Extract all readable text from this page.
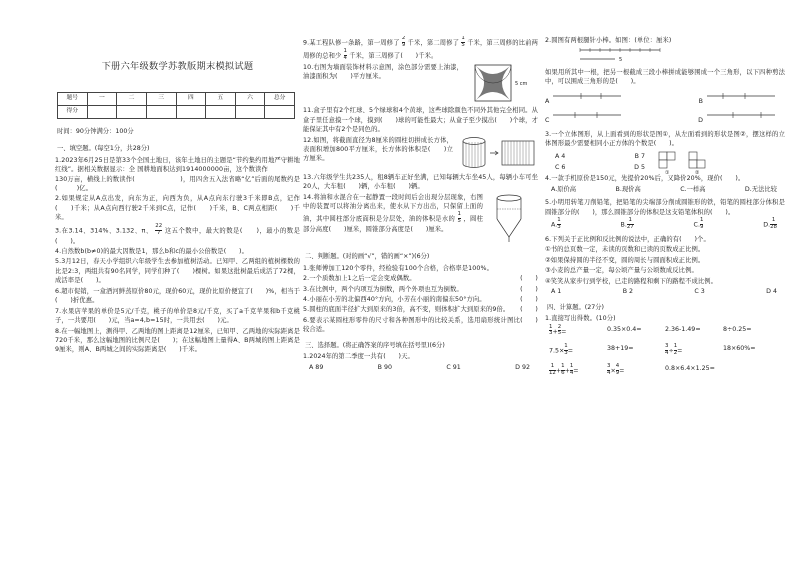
下册六年级数学苏教版期末模拟试题
题号	一	二	三	四	五	六	总分
得分							
时间：90分钟满分：100分
一、填空题。(每空1分，共28分)
1.2023年6月25日是第33个全国土地日，该年土地日的主题是“节约集约用地严守耕地红线”。据相关数据显示：全 国耕地面积达到1914000000亩，这个数读作
130万亩，横线上的数读作(　　　　　　　)，用四舍五入法省略“亿”后面的尾数约是(　　　)亿。
2.如果规定从A点出发，向东为正，向西为负，从A点向东行驶3千米即B点，记作(　　)千米；从A点向西行驶2千米到C点，记作(　　)千米，B、C两点相距(　　)千米。
3.在3.14、314%、3.132、π、 $\frac{22}{7}$ 这五个数中，最大的数是(　　)，最小的数是(　　)。
4.自然数b(b≠0)的最大因数是1，那么b和c的最小公倍数是(　　)。
5.3月12日，春天小学组织六年级学生去参加植树活动。已知甲、乙两组的植树棵数的比是2:3，两组共有90名同学，同学们种了(　　)棵树。如果这批树最后成活了72棵，成活率是(　　)。
6.超市促销，一盒酒河鲜蒸原价80元，现价60元，现价比原价便宜了(　　)%，相当于(　　)折优惠。
7.水果店苹果的单价是5元/千克，桃子的单价是8元/千克，买了a千克苹果和b千克桃子，一共要用(　　)元，当a=4,b=15时，一共用去(　　)元。
8.在一幅地图上，测得甲、乙两地的图上距离是12厘米，已知甲、乙两地的实际距离是720千米，那么这幅地图的比例尺是(　　)；在这幅地图上量得A、B两城的图上距离是9厘米，则A、B两城之间的实际距离是(　　)千米。
9.某工程队修一条路，第一周修了 $\frac{2}{9}$ 千米，第二周修了 $\frac{1}{5}$ 千米，第三周修的比前两周修的总和少 $\frac{1}{4}$ 千米，第三周修了(　　)千米。
10.右图为墙面装饰材料示意图，涂色部分需要上油漆，油漆面积为(　　)平方厘米。
5 cm
11.盒子里有2个红球、5个绿球和4个黄球，这些球除颜色不同外其他完全相同。从盒子里任意摸一个球，摸到(　　)球的可能性最大；从盒子至少摸出(　　)个球，才能保证其中有2个是同色的。
12.如图，将截面直径为8厘米的圆柱切拼成长方体，表面积增加800平方厘米，长方体的体积是(　　)立方厘米。
13.六年级学生共235人，租8辆车正好坐满，已知每辆大车坐45人，每辆小车可坐20人，大车租(　　)辆，小车租(　　)辆。
14.将油和水混合在一起静置一段时间后会出现分层现象，右图中的装置可以将油分离出来，使水从下方出出，只保留上面的油，其中圆柱部分底面积是分层处，油的体积是水的 $\frac{1}{5}$ ，圆柱部分高度(　　)厘米，圆锥部分高度是(　　)厘米。
二、判断题。(对的画“√”，错的画“×”)(6分)
1.张师傅加工120个零件，经检验有100个合格，合格率是100%。
2.一个质数加上1之后一定会变成偶数。	(　　)
3.在比例中，两个内项互为倒数，两个外项也互为倒数。	(　　)
4.小丽在小芳的北偏西40°方向，小芳在小丽的南偏东50°方向。	(　　)
5.圆柱的底面半径扩大到原来的3倍，高不变，则体积扩大到原来的9倍。 (　　)
6.要表示某圆柱形零件的尺寸和各种图形中的比较关系，选用扇形统计图比较合适。
(　　)
三、选择题。(将正确答案的序号填在括号里)(6分)
1.2024年的第二季度一共有(　　)天。
A 89	B 90	C 91	D 92
2.圆图有两根腿针小棒。如图：(单位：厘米)
5
如果用所其中一根，把另一根截成三段小棒拼成能够围成一个三角形，以下四种剪法中，可以围成三角形的是(　　)。
A	B
C	D
3.一个立体图形，从上面看到的形状是图①，从左面看到的形状是图②，摆这样的立体图形最少需要相同小正方体的个数是(　　)。
A 4	B 7
C 6	D 5
①	②
4.一款手机原价是150元，先提价20%后，又降价20%，现价(　　)。
A.原价高	B.现价高	C.一样高	D.无法比较
5.小明用转笔刀削铅笔，把铅笔的尖端部分削成圆锥形的铁，铅笔的圆柱部分体积是圆锥部分的(　　)，那么圆锥部分的体积是这支铅笔体积的(　　)。
A. $\frac{1}{3}$	B. $\frac{1}{27}$	C. $\frac{1}{9}$	D. $\frac{1}{28}$
6.下列关于正比例和反比例的说法中，正确的有(　　)个。
①书的总页数一定，未读的页数和已读的页数成正比例。
②如果保持圆的半径不变，圆的周长与圆面积成正比例。
③小麦的总产量一定，每公顷产量与公顷数成反比例。
④笑笑从家步行到学校，已走的路程和剩下的路程不成比例。
A 1	B 2	C 3	D 4
四、计算题。(27分)
1.直接写出得数。(10分)
$\frac{1}{3} + \frac{2}{5}$ =	0.35×0.4=	2.36-1.49=	8÷0.25=
$7.5\times \frac{1}{3}$ =	38+19=	$\frac{3}{4} \div \frac{1}{2}$ =	18×60%=
$\frac{1}{12} + \frac{1}{6} + \frac{1}{4}$ =	$\frac{3}{4} \times \frac{4}{9}$ =	0.8×6.4×1.25=
